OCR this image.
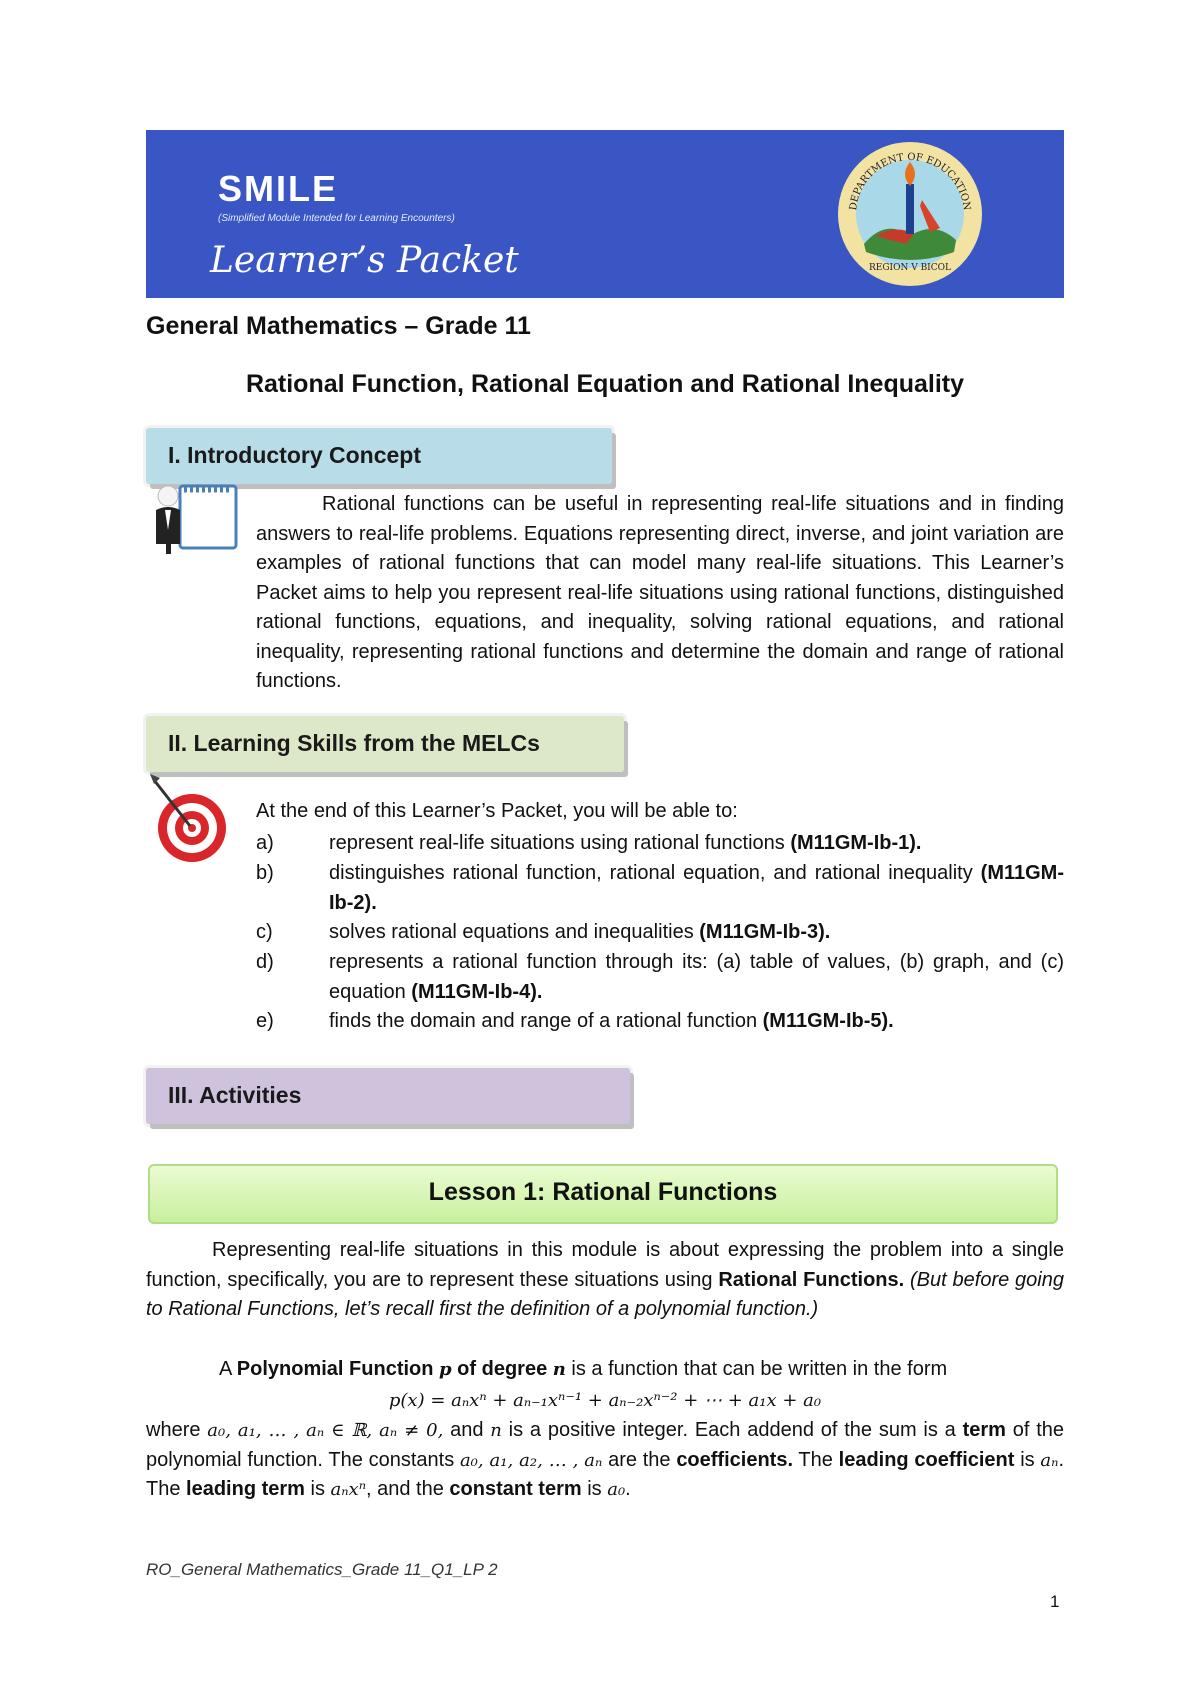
SMILE
(Simplified Module Intended for Learning Encounters)
Learner’s Packet	REGION V BICOL
DEPARTMENT OF EDUCATION
General Mathematics – Grade 11
Rational Function, Rational Equation and Rational Inequality
I. Introductory Concept
Rational functions can be useful in representing real-life situations and in finding answers to real-life problems. Equations representing direct, inverse, and joint variation are examples of rational functions that can model many real-life situations. This Learner’s Packet aims to help you represent real-life situations using rational functions, distinguished rational functions, equations, and inequality, solving rational equations, and rational inequality, representing rational functions and determine the domain and range of rational functions.
II. Learning Skills from the MELCs
At the end of this Learner’s Packet, you will be able to:
a)	represent real-life situations using rational functions (M11GM-Ib-1).
b)	distinguishes rational function, rational equation, and rational inequality (M11GM-Ib-2).
c)	solves rational equations and inequalities (M11GM-Ib-3).
d)	represents a rational function through its: (a) table of values, (b) graph, and (c) equation (M11GM-Ib-4).
e)	finds the domain and range of a rational function (M11GM-Ib-5).
III. Activities
Lesson 1: Rational Functions
Representing real-life situations in this module is about expressing the problem into a single function, specifically, you are to represent these situations using Rational Functions. (But before going to Rational Functions, let’s recall first the definition of a polynomial function.)
A Polynomial Function p of degree n is a function that can be written in the form
p(x) = aₙxⁿ + aₙ₋₁xⁿ⁻¹ + aₙ₋₂xⁿ⁻² + ⋯ + a₁x + a₀
where a₀, a₁, … , aₙ ∈ ℝ, aₙ ≠ 0, and n is a positive integer. Each addend of the sum is a term of the polynomial function. The constants a₀, a₁, a₂, … , aₙ are the coefficients. The leading coefficient is aₙ. The leading term is aₙxⁿ, and the constant term is a₀.
RO_General Mathematics_Grade 11_Q1_LP 2
1
